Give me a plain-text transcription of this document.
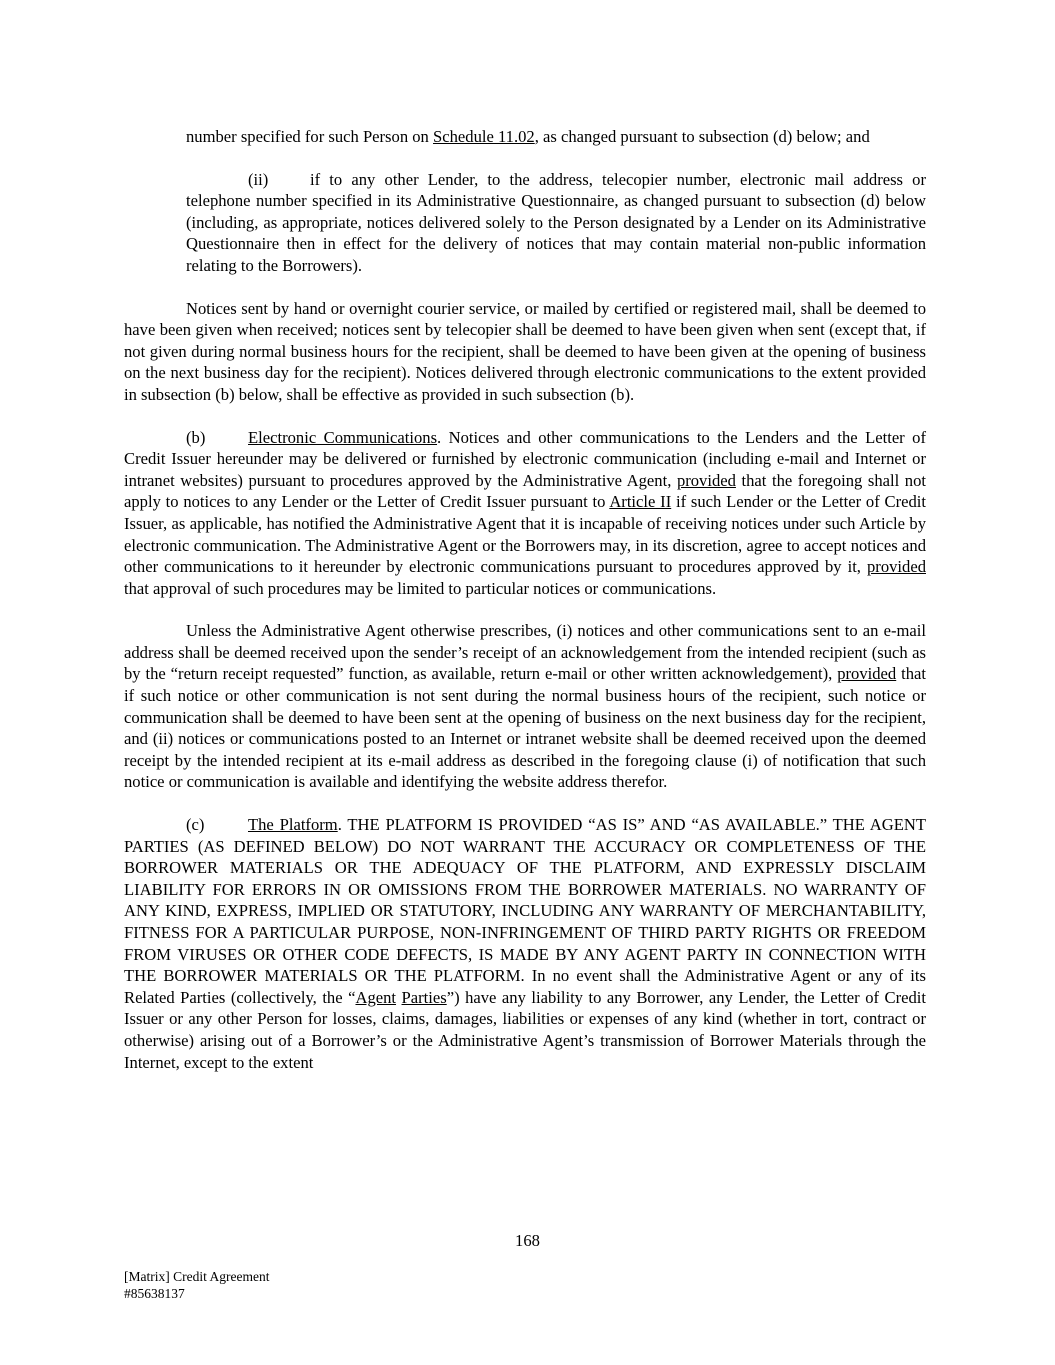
number specified for such Person on Schedule 11.02, as changed pursuant to subsection (d) below; and

(ii)	if to any other Lender, to the address, telecopier number, electronic mail address or telephone number specified in its Administrative Questionnaire, as changed pursuant to subsection (d) below (including, as appropriate, notices delivered solely to the Person designated by a Lender on its Administrative Questionnaire then in effect for the delivery of notices that may contain material non-public information relating to the Borrowers).

Notices sent by hand or overnight courier service, or mailed by certified or registered mail, shall be deemed to have been given when received; notices sent by telecopier shall be deemed to have been given when sent (except that, if not given during normal business hours for the recipient, shall be deemed to have been given at the opening of business on the next business day for the recipient). Notices delivered through electronic communications to the extent provided in subsection (b) below, shall be effective as provided in such subsection (b).

(b)	Electronic Communications. Notices and other communications to the Lenders and the Letter of Credit Issuer hereunder may be delivered or furnished by electronic communication (including e-mail and Internet or intranet websites) pursuant to procedures approved by the Administrative Agent, provided that the foregoing shall not apply to notices to any Lender or the Letter of Credit Issuer pursuant to Article II if such Lender or the Letter of Credit Issuer, as applicable, has notified the Administrative Agent that it is incapable of receiving notices under such Article by electronic communication. The Administrative Agent or the Borrowers may, in its discretion, agree to accept notices and other communications to it hereunder by electronic communications pursuant to procedures approved by it, provided that approval of such procedures may be limited to particular notices or communications.

Unless the Administrative Agent otherwise prescribes, (i) notices and other communications sent to an e-mail address shall be deemed received upon the sender’s receipt of an acknowledgement from the intended recipient (such as by the “return receipt requested” function, as available, return e-mail or other written acknowledgement), provided that if such notice or other communication is not sent during the normal business hours of the recipient, such notice or communication shall be deemed to have been sent at the opening of business on the next business day for the recipient, and (ii) notices or communications posted to an Internet or intranet website shall be deemed received upon the deemed receipt by the intended recipient at its e-mail address as described in the foregoing clause (i) of notification that such notice or communication is available and identifying the website address therefor.

(c)	The Platform. THE PLATFORM IS PROVIDED “AS IS” AND “AS AVAILABLE.” THE AGENT PARTIES (AS DEFINED BELOW) DO NOT WARRANT THE ACCURACY OR COMPLETENESS OF THE BORROWER MATERIALS OR THE ADEQUACY OF THE PLATFORM, AND EXPRESSLY DISCLAIM LIABILITY FOR ERRORS IN OR OMISSIONS FROM THE BORROWER MATERIALS. NO WARRANTY OF ANY KIND, EXPRESS, IMPLIED OR STATUTORY, INCLUDING ANY WARRANTY OF MERCHANTABILITY, FITNESS FOR A PARTICULAR PURPOSE, NON-INFRINGEMENT OF THIRD PARTY RIGHTS OR FREEDOM FROM VIRUSES OR OTHER CODE DEFECTS, IS MADE BY ANY AGENT PARTY IN CONNECTION WITH THE BORROWER MATERIALS OR THE PLATFORM. In no event shall the Administrative Agent or any of its Related Parties (collectively, the “Agent Parties”) have any liability to any Borrower, any Lender, the Letter of Credit Issuer or any other Person for losses, claims, damages, liabilities or expenses of any kind (whether in tort, contract or otherwise) arising out of a Borrower’s or the Administrative Agent’s transmission of Borrower Materials through the Internet, except to the extent

168
[Matrix] Credit Agreement
#85638137
